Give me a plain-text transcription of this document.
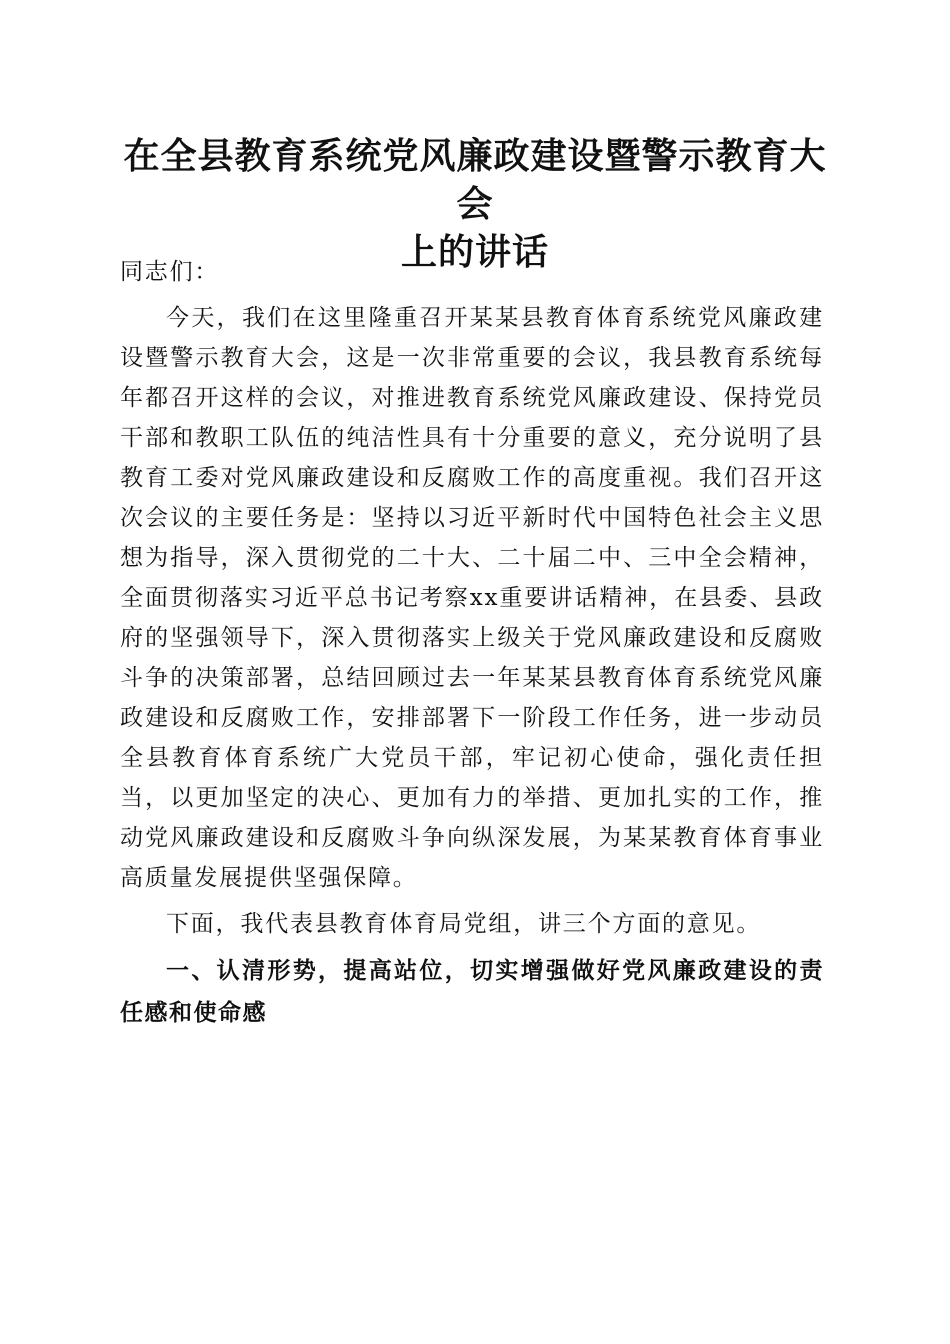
在全县教育系统党风廉政建设暨警示教育大会
上的讲话

同志们：

今天，我们在这里隆重召开某某县教育体育系统党风廉政建设暨警示教育大会，这是一次非常重要的会议，我县教育系统每年都召开这样的会议，对推进教育系统党风廉政建设、保持党员干部和教职工队伍的纯洁性具有十分重要的意义，充分说明了县教育工委对党风廉政建设和反腐败工作的高度重视。我们召开这次会议的主要任务是：坚持以习近平新时代中国特色社会主义思想为指导，深入贯彻党的二十大、二十届二中、三中全会精神，全面贯彻落实习近平总书记考察xx重要讲话精神，在县委、县政府的坚强领导下，深入贯彻落实上级关于党风廉政建设和反腐败斗争的决策部署，总结回顾过去一年某某县教育体育系统党风廉政建设和反腐败工作，安排部署下一阶段工作任务，进一步动员全县教育体育系统广大党员干部，牢记初心使命，强化责任担当，以更加坚定的决心、更加有力的举措、更加扎实的工作，推动党风廉政建设和反腐败斗争向纵深发展，为某某教育体育事业高质量发展提供坚强保障。

下面，我代表县教育体育局党组，讲三个方面的意见。

一、认清形势，提高站位，切实增强做好党风廉政建设的责任感和使命感
